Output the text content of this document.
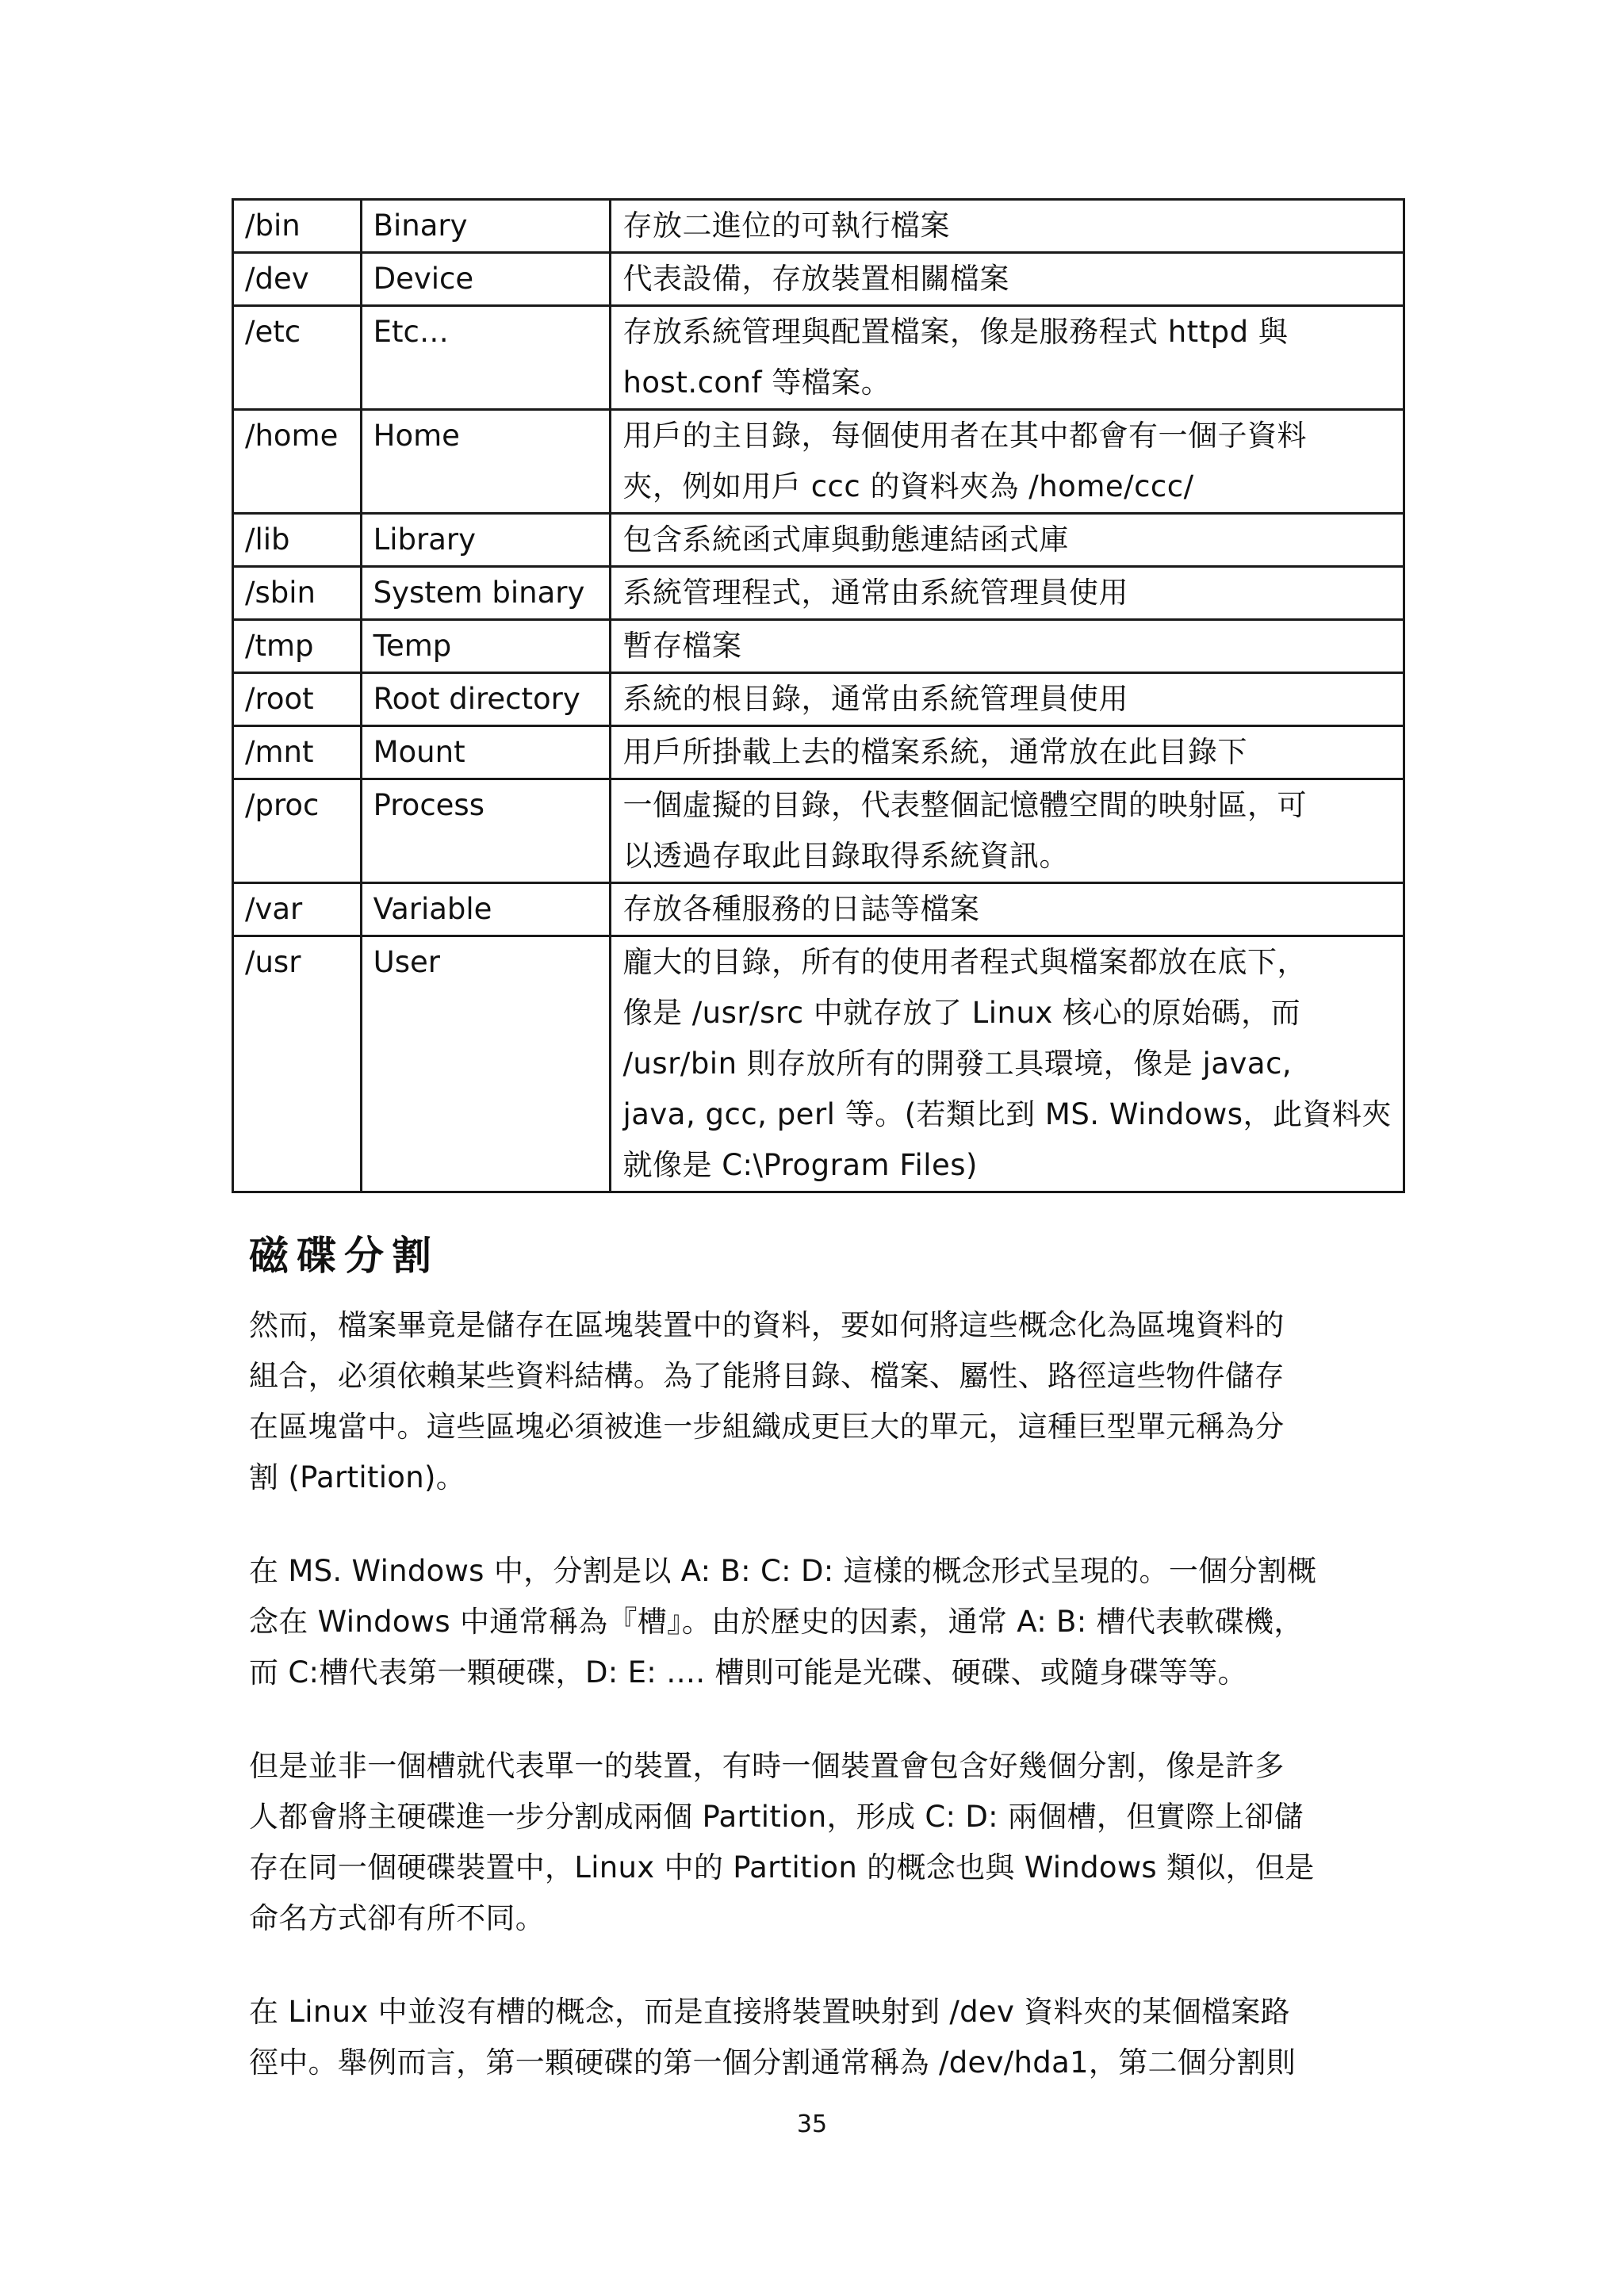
/bin	Binary	存放二進位的可執行檔案

/dev	Device	代表設備，存放裝置相關檔案

/etc	Etc…	存放系統管理與配置檔案，像是服務程式 httpd 與
host.conf 等檔案。

/home	Home	用戶的主目錄，每個使用者在其中都會有一個子資料
夾，例如用戶 ccc 的資料夾為 /home/ccc/

/lib	Library	包含系統函式庫與動態連結函式庫

/sbin	System binary	系統管理程式，通常由系統管理員使用

/tmp	Temp	暫存檔案

/root	Root directory	系統的根目錄，通常由系統管理員使用

/mnt	Mount	用戶所掛載上去的檔案系統，通常放在此目錄下

/proc	Process	一個虛擬的目錄，代表整個記憶體空間的映射區，可
以透過存取此目錄取得系統資訊。

/var	Variable	存放各種服務的日誌等檔案

/usr	User	龐大的目錄，所有的使用者程式與檔案都放在底下，
像是 /usr/src 中就存放了 Linux 核心的原始碼，而
/usr/bin 則存放所有的開發工具環境，像是 javac,
java, gcc, perl 等。(若類比到 MS. Windows，此資料夾
就像是 C:\Program Files)
磁碟分割

然而，檔案畢竟是儲存在區塊裝置中的資料，要如何將這些概念化為區塊資料的
組合，必須依賴某些資料結構。為了能將目錄、檔案、屬性、路徑這些物件儲存
在區塊當中。這些區塊必須被進一步組織成更巨大的單元，這種巨型單元稱為分
割 (Partition)。

在 MS. Windows 中，分割是以 A: B: C: D: 這樣的概念形式呈現的。一個分割概
念在 Windows 中通常稱為『槽』。由於歷史的因素，通常 A: B: 槽代表軟碟機，
而 C:槽代表第一顆硬碟，D: E: …. 槽則可能是光碟、硬碟、或隨身碟等等。

但是並非一個槽就代表單一的裝置，有時一個裝置會包含好幾個分割，像是許多
人都會將主硬碟進一步分割成兩個 Partition，形成 C: D: 兩個槽，但實際上卻儲
存在同一個硬碟裝置中，Linux 中的 Partition 的概念也與 Windows 類似，但是
命名方式卻有所不同。

在 Linux 中並沒有槽的概念，而是直接將裝置映射到 /dev 資料夾的某個檔案路
徑中。舉例而言，第一顆硬碟的第一個分割通常稱為 /dev/hda1，第二個分割則

35
